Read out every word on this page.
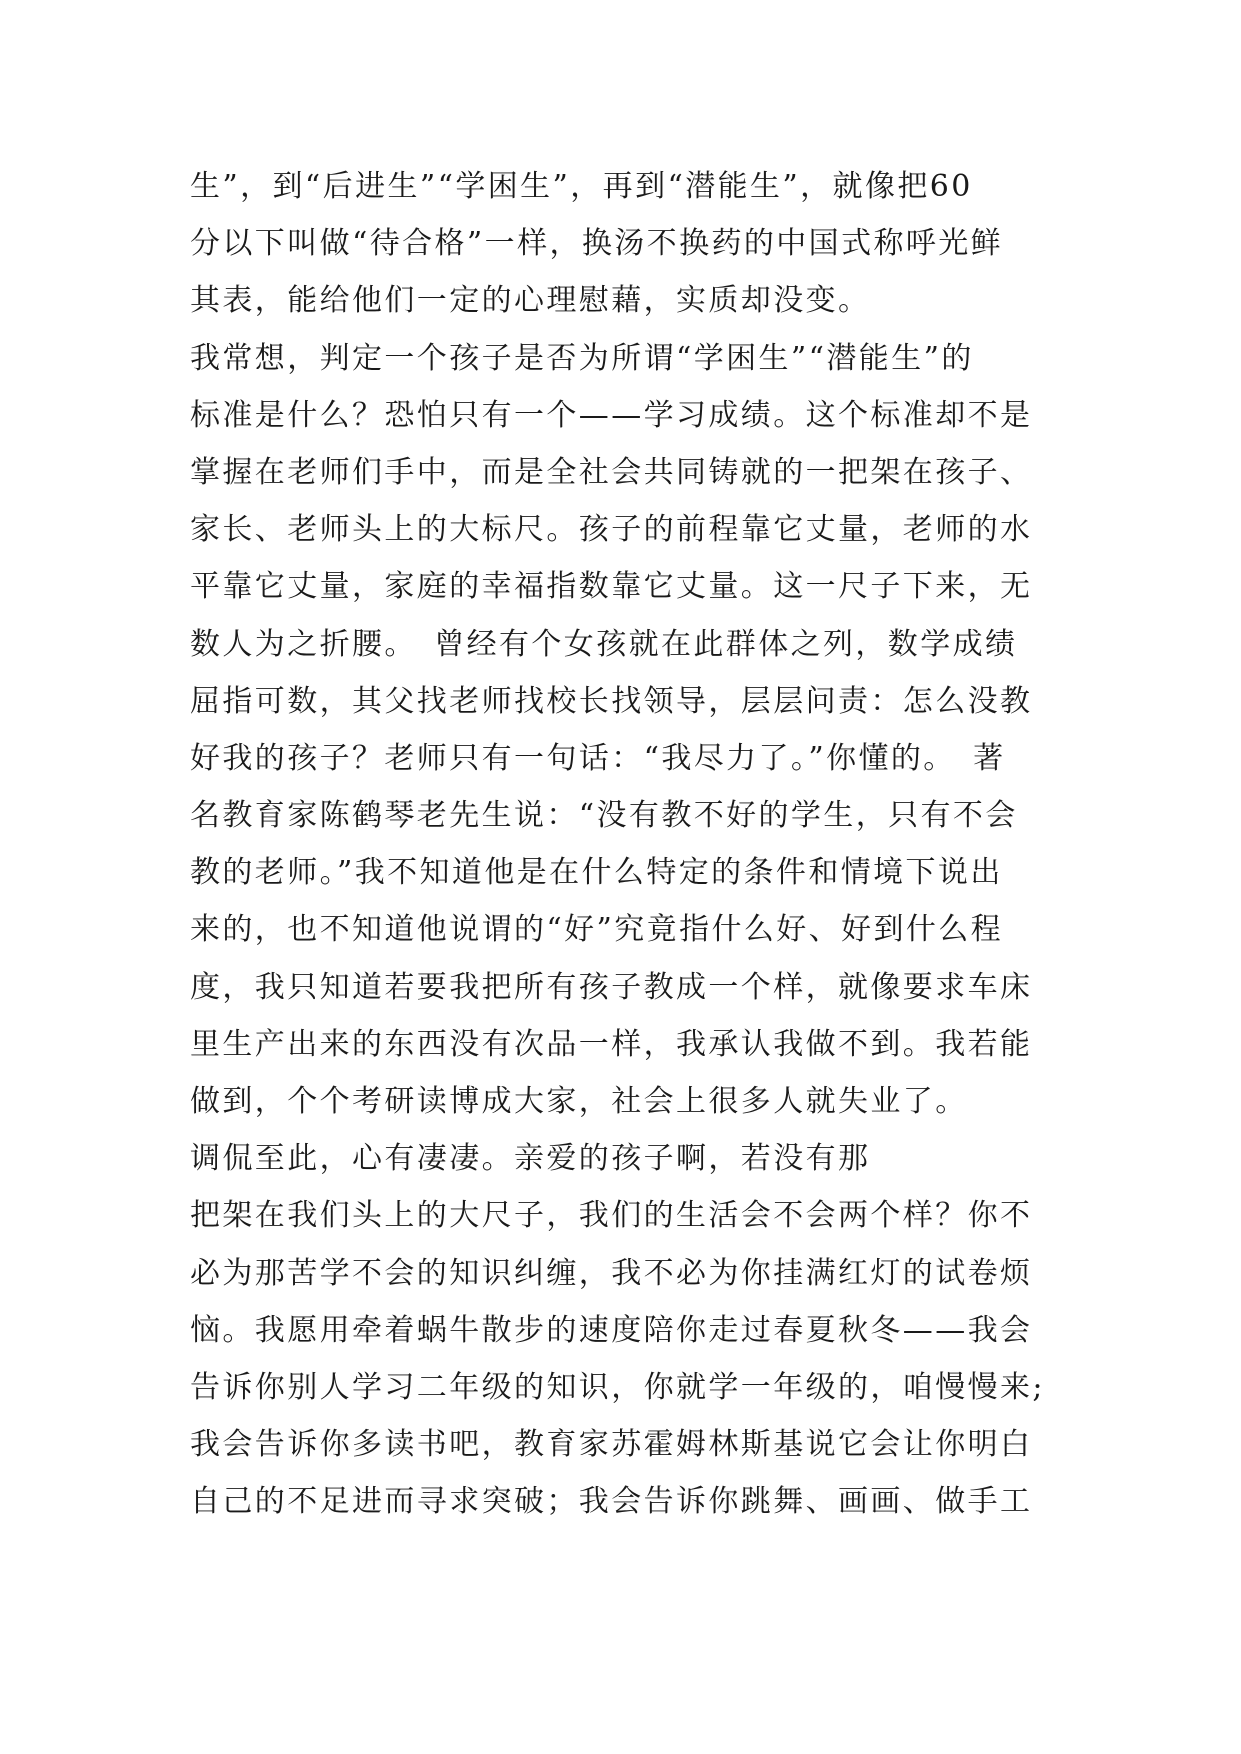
生”，到“后进生”“学困生”，再到“潜能生”，就像把60
分以下叫做“待合格”一样，换汤不换药的中国式称呼光鲜
其表，能给他们一定的心理慰藉，实质却没变。
我常想，判定一个孩子是否为所谓“学困生”“潜能生”的
标准是什么？恐怕只有一个——学习成绩。这个标准却不是
掌握在老师们手中，而是全社会共同铸就的一把架在孩子、
家长、老师头上的大标尺。孩子的前程靠它丈量，老师的水
平靠它丈量，家庭的幸福指数靠它丈量。这一尺子下来，无
数人为之折腰。　曾经有个女孩就在此群体之列，数学成绩
屈指可数，其父找老师找校长找领导，层层问责：怎么没教
好我的孩子？老师只有一句话：“我尽力了。”你懂的。　著
名教育家陈鹤琴老先生说：“没有教不好的学生，只有不会
教的老师。”我不知道他是在什么特定的条件和情境下说出
来的，也不知道他说谓的“好”究竟指什么好、好到什么程
度，我只知道若要我把所有孩子教成一个样，就像要求车床
里生产出来的东西没有次品一样，我承认我做不到。我若能
做到，个个考研读博成大家，社会上很多人就失业了。
调侃至此，心有凄凄。亲爱的孩子啊，若没有那
把架在我们头上的大尺子，我们的生活会不会两个样？你不
必为那苦学不会的知识纠缠，我不必为你挂满红灯的试卷烦
恼。我愿用牵着蜗牛散步的速度陪你走过春夏秋冬——我会
告诉你别人学习二年级的知识，你就学一年级的，咱慢慢来;
我会告诉你多读书吧，教育家苏霍姆林斯基说它会让你明白
自己的不足进而寻求突破；我会告诉你跳舞、画画、做手工
